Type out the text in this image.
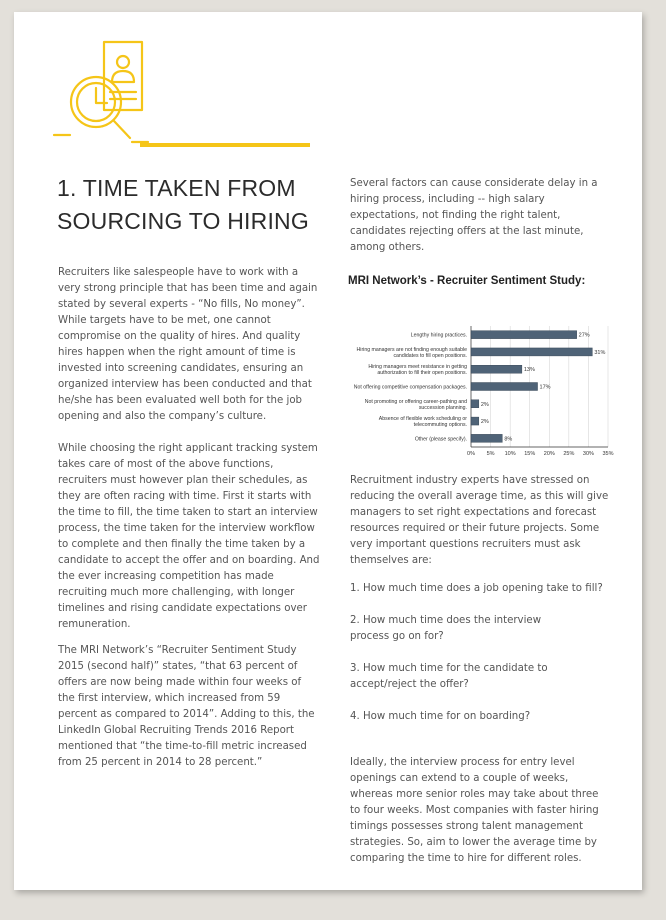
1. TIME TAKEN FROM SOURCING TO HIRING

Recruiters like salespeople have to work with a very strong principle that has been time and again stated by several experts - “No fills, No money”. While targets have to be met, one cannot compromise on the quality of hires. And quality hires happen when the right amount of time is invested into screening candidates, ensuring an organized interview has been conducted and that he/she has been evaluated well both for the job opening and also the company’s culture.

While choosing the right applicant tracking system takes care of most of the above functions, recruiters must however plan their schedules, as they are often racing with time. First it starts with the time to fill, the time taken to start an interview process, the time taken for the interview workflow to complete and then finally the time taken by a candidate to accept the offer and on boarding. And the ever increasing competition has made recruiting much more challenging, with longer timelines and rising candidate expectations over remuneration.

The MRI Network’s “Recruiter Sentiment Study 2015 (second half)” states, “that 63 percent of offers are now being made within four weeks of the first interview, which increased from 59 percent as compared to 2014”. Adding to this, the LinkedIn Global Recruiting Trends 2016 Report mentioned that “the time-to-fill metric increased from 25 percent in 2014 to 28 percent.”

Several factors can cause considerate delay in a hiring process, including -- high salary expectations, not finding the right talent, candidates rejecting offers at the last minute, among others.

MRI Network’s - Recruiter Sentiment Study:
0% 5% 10% 15% 20% 25% 30% 35%
27%
Lengthy hiring practices.
31%
Hiring managers are not finding enough suitable
candidates to fill open positions.
13%
Hiring managers meet resistance in getting
authorization to fill their open positions.
17%
Not offering competitive compensation packages.
2%
Not promoting or offering career-pathing and
succession planning.
2%
Absence of flexible work scheduling or
telecommuting options.
8%
Other (please specify).

Recruitment industry experts have stressed on reducing the overall average time, as this will give managers to set right expectations and forecast resources required or their future projects. Some very important questions recruiters must ask themselves are:

1. How much time does a job opening take to fill?

2. How much time does the interview process go on for?

3. How much time for the candidate to accept/reject the offer?

4. How much time for on boarding?

Ideally, the interview process for entry level openings can extend to a couple of weeks, whereas more senior roles may take about three to four weeks. Most companies with faster hiring timings possesses strong talent management strategies. So, aim to lower the average time by comparing the time to hire for different roles.
